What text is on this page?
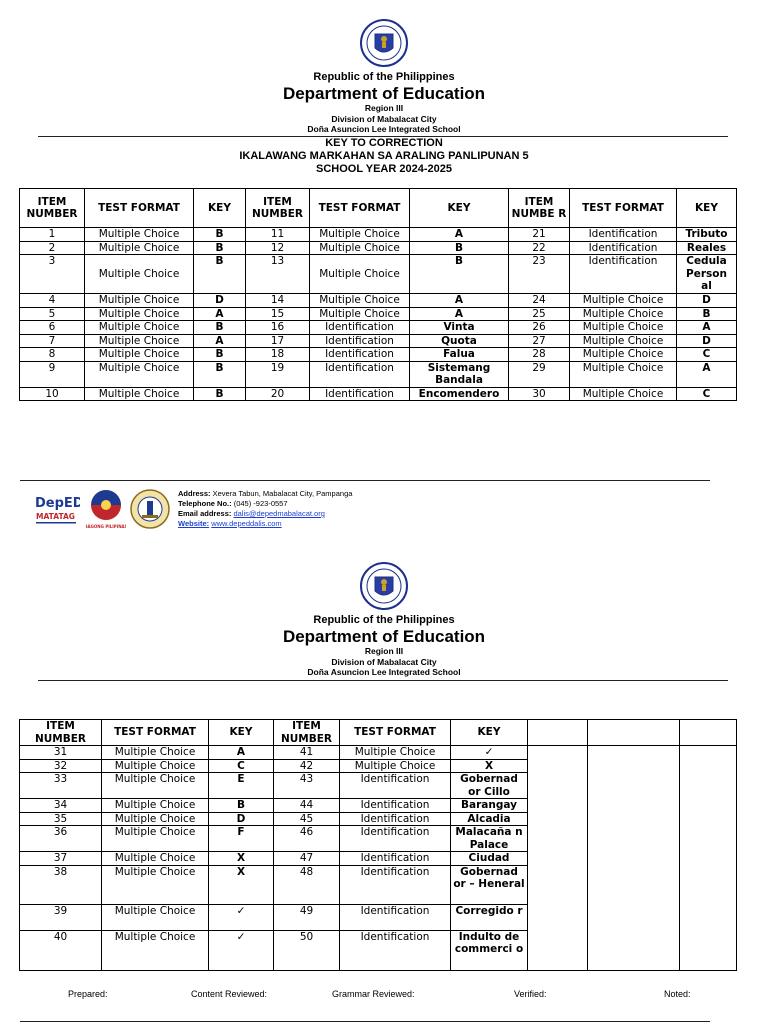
Republic of the Philippines
Department of Education
Region III
Division of Mabalacat City
Doña Asuncion Lee Integrated School
KEY TO CORRECTION
IKALAWANG MARKAHAN SA ARALING PANLIPUNAN 5
SCHOOL YEAR 2024-2025
ITEM NUMBER	TEST FORMAT	KEY	ITEM NUMBER	TEST FORMAT	KEY	ITEM NUMBE R	TEST FORMAT	KEY
1	Multiple Choice	B	11	Multiple Choice	A	21	Identification	Tributo
2	Multiple Choice	B	12	Multiple Choice	B	22	Identification	Reales
3	Multiple Choice	B	13	Multiple Choice	B	23	Identification	Cedula Person al
4	Multiple Choice	D	14	Multiple Choice	A	24	Multiple Choice	D
5	Multiple Choice	A	15	Multiple Choice	A	25	Multiple Choice	B
6	Multiple Choice	B	16	Identification	Vinta	26	Multiple Choice	A
7	Multiple Choice	A	17	Identification	Quota	27	Multiple Choice	D
8	Multiple Choice	B	18	Identification	Falua	28	Multiple Choice	C
9	Multiple Choice	B	19	Identification	Sistemang Bandala	29	Multiple Choice	A
10	Multiple Choice	B	20	Identification	Encomendero	30	Multiple Choice	C
DepED
MATATAG
BAGONG PILIPINAS
Address: Xevera Tabun, Mabalacat City, Pampanga
Telephone No.: (045) -923-0557
Email address: dalis@depedmabalacat.org
Website: www.depeddalis.com
Republic of the Philippines
Department of Education
Region III
Division of Mabalacat City
Doña Asuncion Lee Integrated School
ITEM NUMBER	TEST FORMAT	KEY	ITEM NUMBER	TEST FORMAT	KEY			
31	Multiple Choice	A	41	Multiple Choice	✓			
32	Multiple Choice	C	42	Multiple Choice	X			
33	Multiple Choice	E	43	Identification	Gobernad or Cillo			
34	Multiple Choice	B	44	Identification	Barangay			
35	Multiple Choice	D	45	Identification	Alcadia			
36	Multiple Choice	F	46	Identification	Malacaña n Palace			
37	Multiple Choice	X	47	Identification	Ciudad			
38	Multiple Choice	X	48	Identification	Gobernad or – Heneral			
39	Multiple Choice	✓	49	Identification	Corregido r			
40	Multiple Choice	✓	50	Identification	Indulto de commerci o			
Prepared:	Content Reviewed:	Grammar Reviewed:	Verified:	Noted:
